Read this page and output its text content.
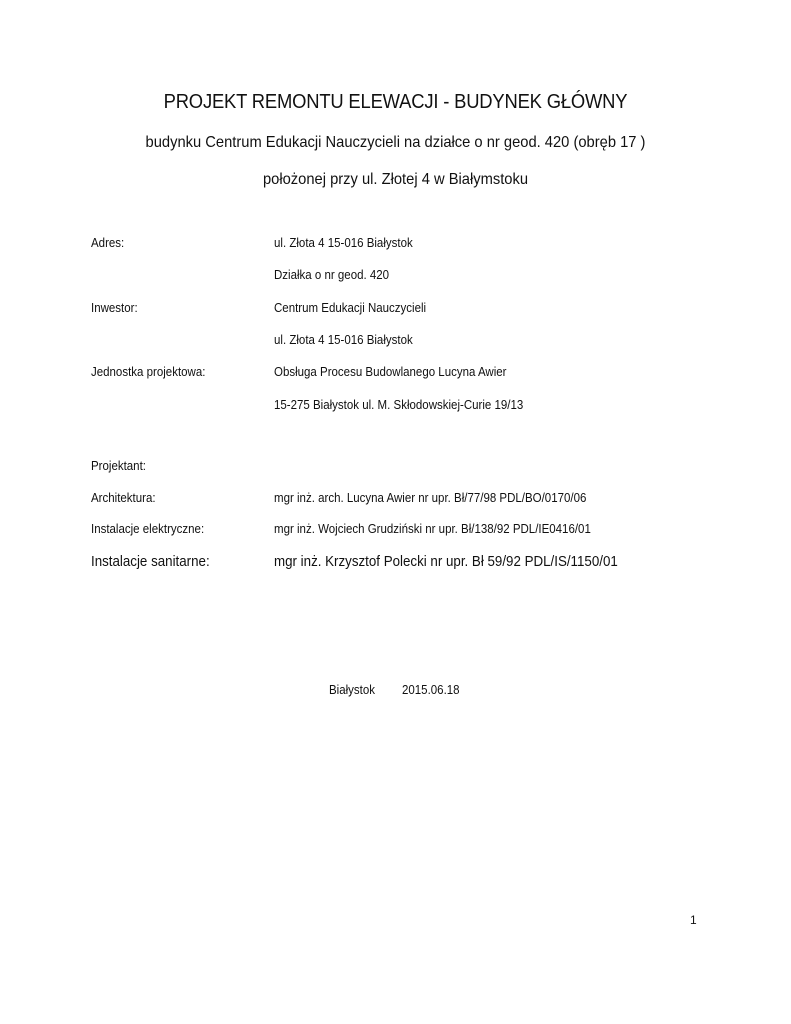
PROJEKT REMONTU ELEWACJI - BUDYNEK GŁÓWNY
budynku Centrum Edukacji Nauczycieli na działce o nr geod. 420 (obręb 17 )
położonej przy ul. Złotej 4 w Białymstoku
Adres:	ul. Złota 4 15-016 Białystok
Działka o nr geod. 420
Inwestor:	Centrum Edukacji Nauczycieli
ul. Złota 4 15-016 Białystok
Jednostka projektowa:	Obsługa Procesu Budowlanego Lucyna Awier
15-275 Białystok ul. M. Skłodowskiej-Curie 19/13
Projektant:
Architektura:	mgr inż. arch. Lucyna Awier nr upr. Bł/77/98 PDL/BO/0170/06
Instalacje elektryczne:	mgr inż. Wojciech Grudziński nr upr. Bł/138/92 PDL/IE0416/01
Instalacje sanitarne:	mgr inż. Krzysztof Polecki nr upr. Bł 59/92 PDL/IS/1150/01
Białystok 2015.06.18
1
